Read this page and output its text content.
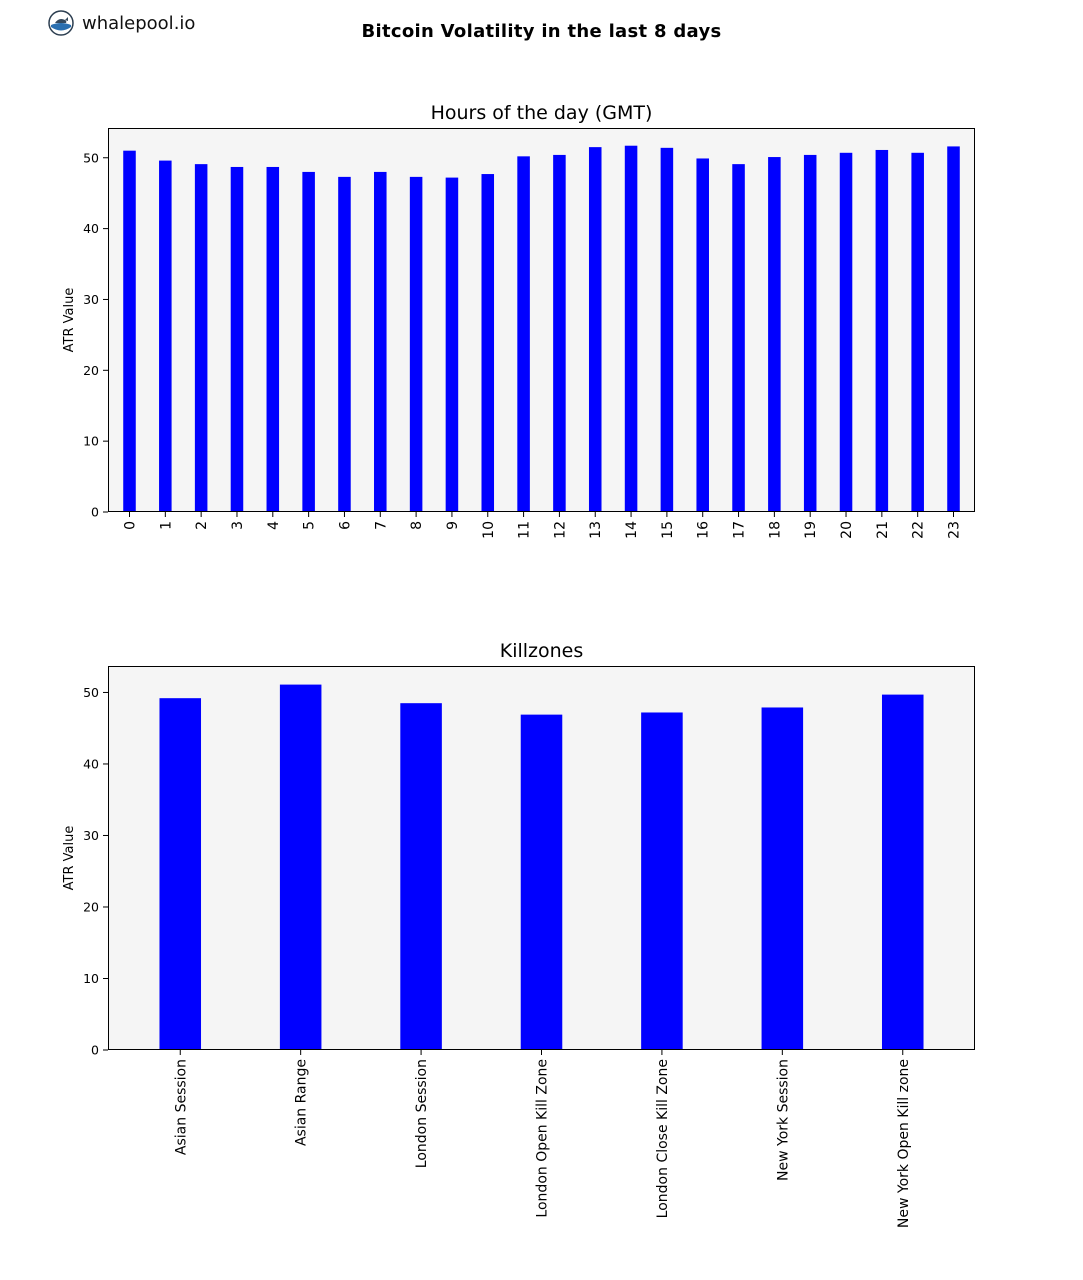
whalepool.io	Bitcoin Volatility in the last 8 days
Hours of the day (GMT)
0
10
20
30
40
50
ATR Value
0 1 2 3 4 5 6 7 8 9 10 11 12 13 14 15 16 17 18 19 20 21 22 23
Killzones
0
10
20
30
40
50
ATR Value
Asian Session	Asian Range	London Session	London Open Kill Zone	London Close Kill Zone	New York Session	New York Open Kill zone
